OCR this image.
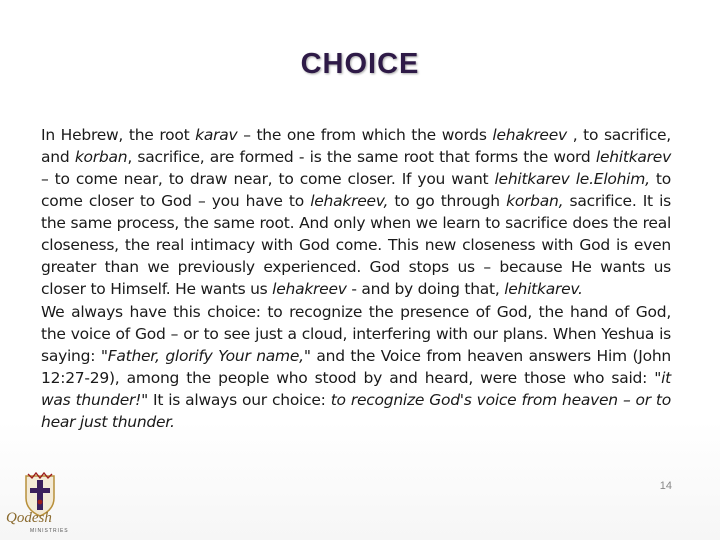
CHOICE

In Hebrew, the root karav – the one from which the words lehakreev , to sacrifice, and korban, sacrifice, are formed - is the same root that forms the word lehitkarev – to come near, to draw near, to come closer. If you want lehitkarev le.Elohim, to come closer to God – you have to lehakreev, to go through korban, sacrifice. It is the same process, the same root. And only when we learn to sacrifice does the real closeness, the real intimacy with God come. This new closeness with God is even greater than we previously experienced. God stops us – because He wants us closer to Himself. He wants us lehakreev - and by doing that, lehitkarev.

We always have this choice: to recognize the presence of God, the hand of God, the voice of God – or to see just a cloud, interfering with our plans. When Yeshua is saying: "Father, glorify Your name," and the Voice from heaven answers Him (John 12:27-29), among the people who stood by and heard, were those who said: "it was thunder!" It is always our choice: to recognize God's voice from heaven – or to hear just thunder.

Qodesh
MINISTRIES
14
